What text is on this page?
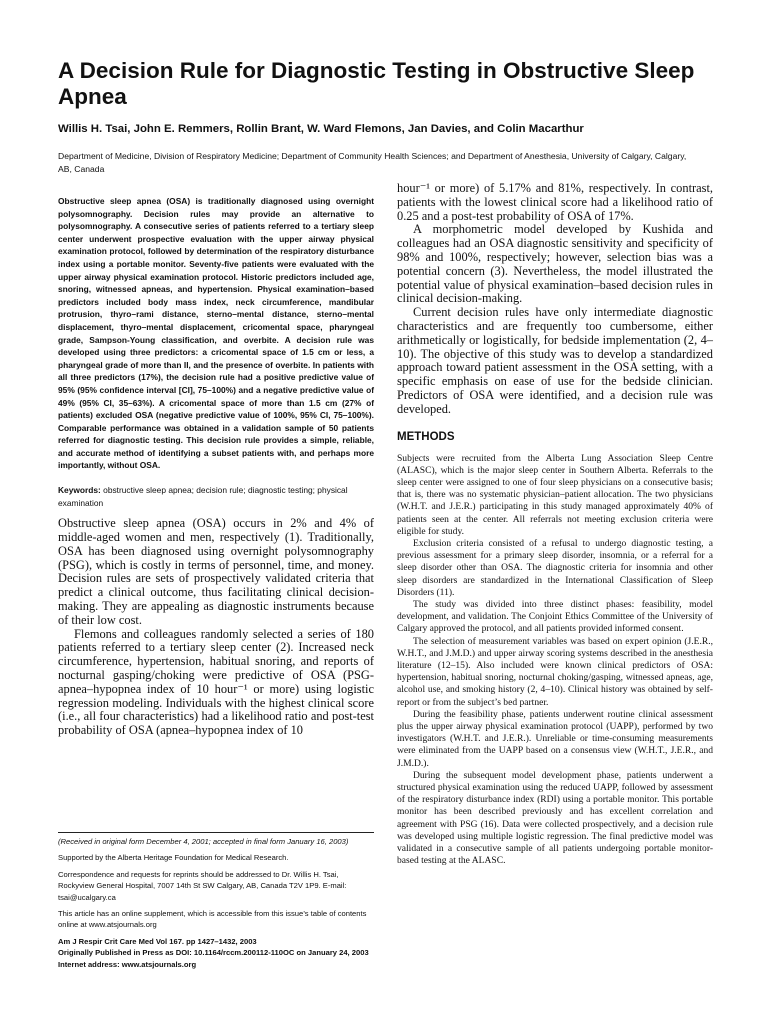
A Decision Rule for Diagnostic Testing in Obstructive Sleep Apnea

Willis H. Tsai, John E. Remmers, Rollin Brant, W. Ward Flemons, Jan Davies, and Colin Macarthur

Department of Medicine, Division of Respiratory Medicine; Department of Community Health Sciences; and Department of Anesthesia, University of Calgary, Calgary, AB, Canada

Obstructive sleep apnea (OSA) is traditionally diagnosed using overnight polysomnography. Decision rules may provide an alternative to polysomnography. A consecutive series of patients referred to a tertiary sleep center underwent prospective evaluation with the upper airway physical examination protocol, followed by determination of the respiratory disturbance index using a portable monitor. Seventy-five patients were evaluated with the upper airway physical examination protocol. Historic predictors included age, snoring, witnessed apneas, and hypertension. Physical examination–based predictors included body mass index, neck circumference, mandibular protrusion, thyro–rami distance, sterno–mental distance, sterno–mental displacement, thyro–mental displacement, cricomental space, pharyngeal grade, Sampson-Young classification, and overbite. A decision rule was developed using three predictors: a cricomental space of 1.5 cm or less, a pharyngeal grade of more than II, and the presence of overbite. In patients with all three predictors (17%), the decision rule had a positive predictive value of 95% (95% confidence interval [CI], 75–100%) and a negative predictive value of 49% (95% CI, 35–63%). A cricomental space of more than 1.5 cm (27% of patients) excluded OSA (negative predictive value of 100%, 95% CI, 75–100%). Comparable performance was obtained in a validation sample of 50 patients referred for diagnostic testing. This decision rule provides a simple, reliable, and accurate method of identifying a subset patients with, and perhaps more importantly, without OSA.

Keywords: obstructive sleep apnea; decision rule; diagnostic testing; physical examination

Obstructive sleep apnea (OSA) occurs in 2% and 4% of middle-aged women and men, respectively (1). Traditionally, OSA has been diagnosed using overnight polysomnography (PSG), which is costly in terms of personnel, time, and money. Decision rules are sets of prospectively validated criteria that predict a clinical outcome, thus facilitating clinical decision-making. They are appealing as diagnostic instruments because of their low cost.

Flemons and colleagues randomly selected a series of 180 patients referred to a tertiary sleep center (2). Increased neck circumference, hypertension, habitual snoring, and reports of nocturnal gasping/choking were predictive of OSA (PSG-apnea–hypopnea index of 10 hour⁻¹ or more) using logistic regression modeling. Individuals with the highest clinical score (i.e., all four characteristics) had a likelihood ratio and post-test probability of OSA (apnea–hypopnea index of 10

(Received in original form December 4, 2001; accepted in final form January 16, 2003)

Supported by the Alberta Heritage Foundation for Medical Research.

Correspondence and requests for reprints should be addressed to Dr. Willis H. Tsai, Rockyview General Hospital, 7007 14th St SW Calgary, AB, Canada T2V 1P9. E-mail: tsai@ucalgary.ca

This article has an online supplement, which is accessible from this issue’s table of contents online at www.atsjournals.org

Am J Respir Crit Care Med Vol 167. pp 1427–1432, 2003
Originally Published in Press as DOI: 10.1164/rccm.200112-110OC on January 24, 2003
Internet address: www.atsjournals.org

hour⁻¹ or more) of 5.17% and 81%, respectively. In contrast, patients with the lowest clinical score had a likelihood ratio of 0.25 and a post-test probability of OSA of 17%.

A morphometric model developed by Kushida and colleagues had an OSA diagnostic sensitivity and specificity of 98% and 100%, respectively; however, selection bias was a potential concern (3). Nevertheless, the model illustrated the potential value of physical examination–based decision rules in clinical decision-making.

Current decision rules have only intermediate diagnostic characteristics and are frequently too cumbersome, either arithmetically or logistically, for bedside implementation (2, 4–10). The objective of this study was to develop a standardized approach toward patient assessment in the OSA setting, with a specific emphasis on ease of use for the bedside clinician. Predictors of OSA were identified, and a decision rule was developed.

METHODS

Subjects were recruited from the Alberta Lung Association Sleep Centre (ALASC), which is the major sleep center in Southern Alberta. Referrals to the sleep center were assigned to one of four sleep physicians on a consecutive basis; that is, there was no systematic physician–patient allocation. The two physicians (W.H.T. and J.E.R.) participating in this study managed approximately 40% of patients seen at the center. All referrals not meeting exclusion criteria were eligible for study.

Exclusion criteria consisted of a refusal to undergo diagnostic testing, a previous assessment for a primary sleep disorder, insomnia, or a referral for a sleep disorder other than OSA. The diagnostic criteria for insomnia and other sleep disorders are standardized in the International Classification of Sleep Disorders (11).

The study was divided into three distinct phases: feasibility, model development, and validation. The Conjoint Ethics Committee of the University of Calgary approved the protocol, and all patients provided informed consent.

The selection of measurement variables was based on expert opinion (J.E.R., W.H.T., and J.M.D.) and upper airway scoring systems described in the anesthesia literature (12–15). Also included were known clinical predictors of OSA: hypertension, habitual snoring, nocturnal choking/gasping, witnessed apneas, age, alcohol use, and smoking history (2, 4–10). Clinical history was obtained by self-report or from the subject’s bed partner.

During the feasibility phase, patients underwent routine clinical assessment plus the upper airway physical examination protocol (UAPP), performed by two investigators (W.H.T. and J.E.R.). Unreliable or time-consuming measurements were eliminated from the UAPP based on a consensus view (W.H.T., J.E.R., and J.M.D.).

During the subsequent model development phase, patients underwent a structured physical examination using the reduced UAPP, followed by assessment of the respiratory disturbance index (RDI) using a portable monitor. This portable monitor has been described previously and has excellent correlation and agreement with PSG (16). Data were collected prospectively, and a decision rule was developed using multiple logistic regression. The final predictive model was validated in a consecutive sample of all patients undergoing portable monitor-based testing at the ALASC.
